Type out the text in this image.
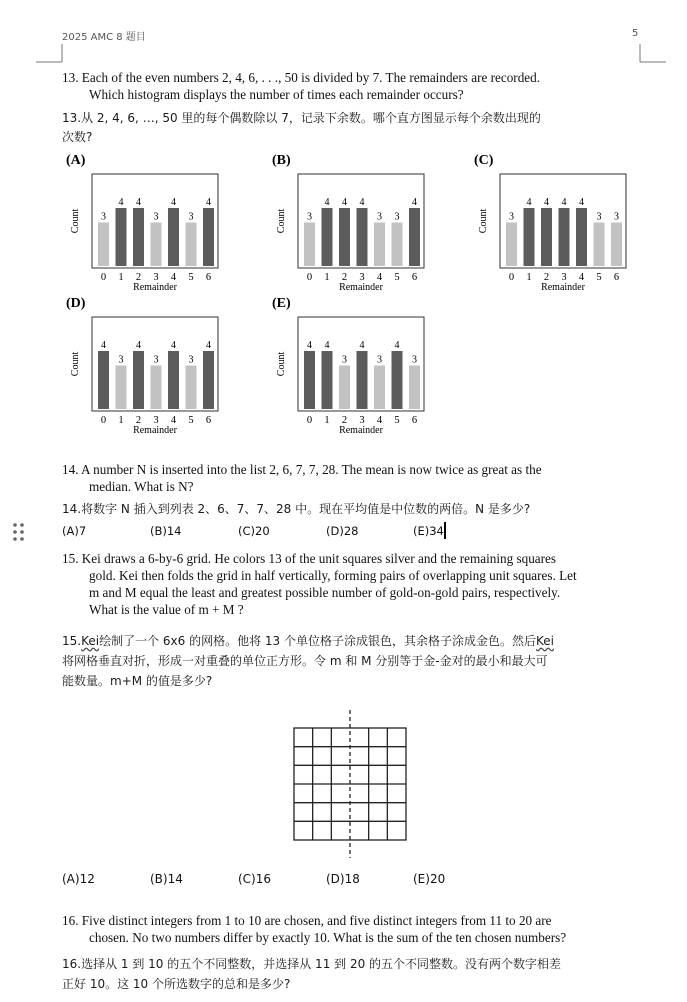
2025 AMC 8 题目	5
13. Each of the even numbers 2, 4, 6, . . ., 50 is divided by 7. The remainders are recorded.
Which histogram displays the number of times each remainder occurs?
13.从 2, 4, 6, …, 50 里的每个偶数除以 7，记录下余数。哪个直方图显示每个余数出现的
次数?
(A)
Count 3
0
4
1
4
2
3
3
4
4
3
5
4
6
Remainder
(B)
Count 3
0
4
1
4
2
4
3
3
4
3
5
4
6
Remainder
(C)
Count 3
0
4
1
4
2
4
3
4
4
3
5
3
6
Remainder
(D)
Count
4
0
3
1
4
2
3
3
4
4
3
5
4
6
Remainder
(E)
Count
4
0
4
1
3
2
4
3
3
4
4
5
3
6
Remainder
14. A number N is inserted into the list 2, 6, 7, 7, 28. The mean is now twice as great as the
median. What is N?
14.将数字 N 插入到列表 2、6、7、7、28 中。现在平均值是中位数的两倍。N 是多少?
(A)7	(B)14	(C)20	(D)28	(E)34
15. Kei draws a 6-by-6 grid. He colors 13 of the unit squares silver and the remaining squares
gold. Kei then folds the grid in half vertically, forming pairs of overlapping unit squares. Let
m and M equal the least and greatest possible number of gold-on-gold pairs, respectively.
What is the value of m + M ?
15.Kei绘制了一个 6x6 的网格。他将 13 个单位格子涂成银色，其余格子涂成金色。然后Kei
将网格垂直对折，形成一对重叠的单位正方形。令 m 和 M 分别等于金-金对的最小和最大可
能数量。m+M 的值是多少?
(A)12	(B)14	(C)16	(D)18	(E)20
16. Five distinct integers from 1 to 10 are chosen, and five distinct integers from 11 to 20 are
chosen. No two numbers differ by exactly 10. What is the sum of the ten chosen numbers?
16.选择从 1 到 10 的五个不同整数，并选择从 11 到 20 的五个不同整数。没有两个数字相差
正好 10。这 10 个所选数字的总和是多少?
